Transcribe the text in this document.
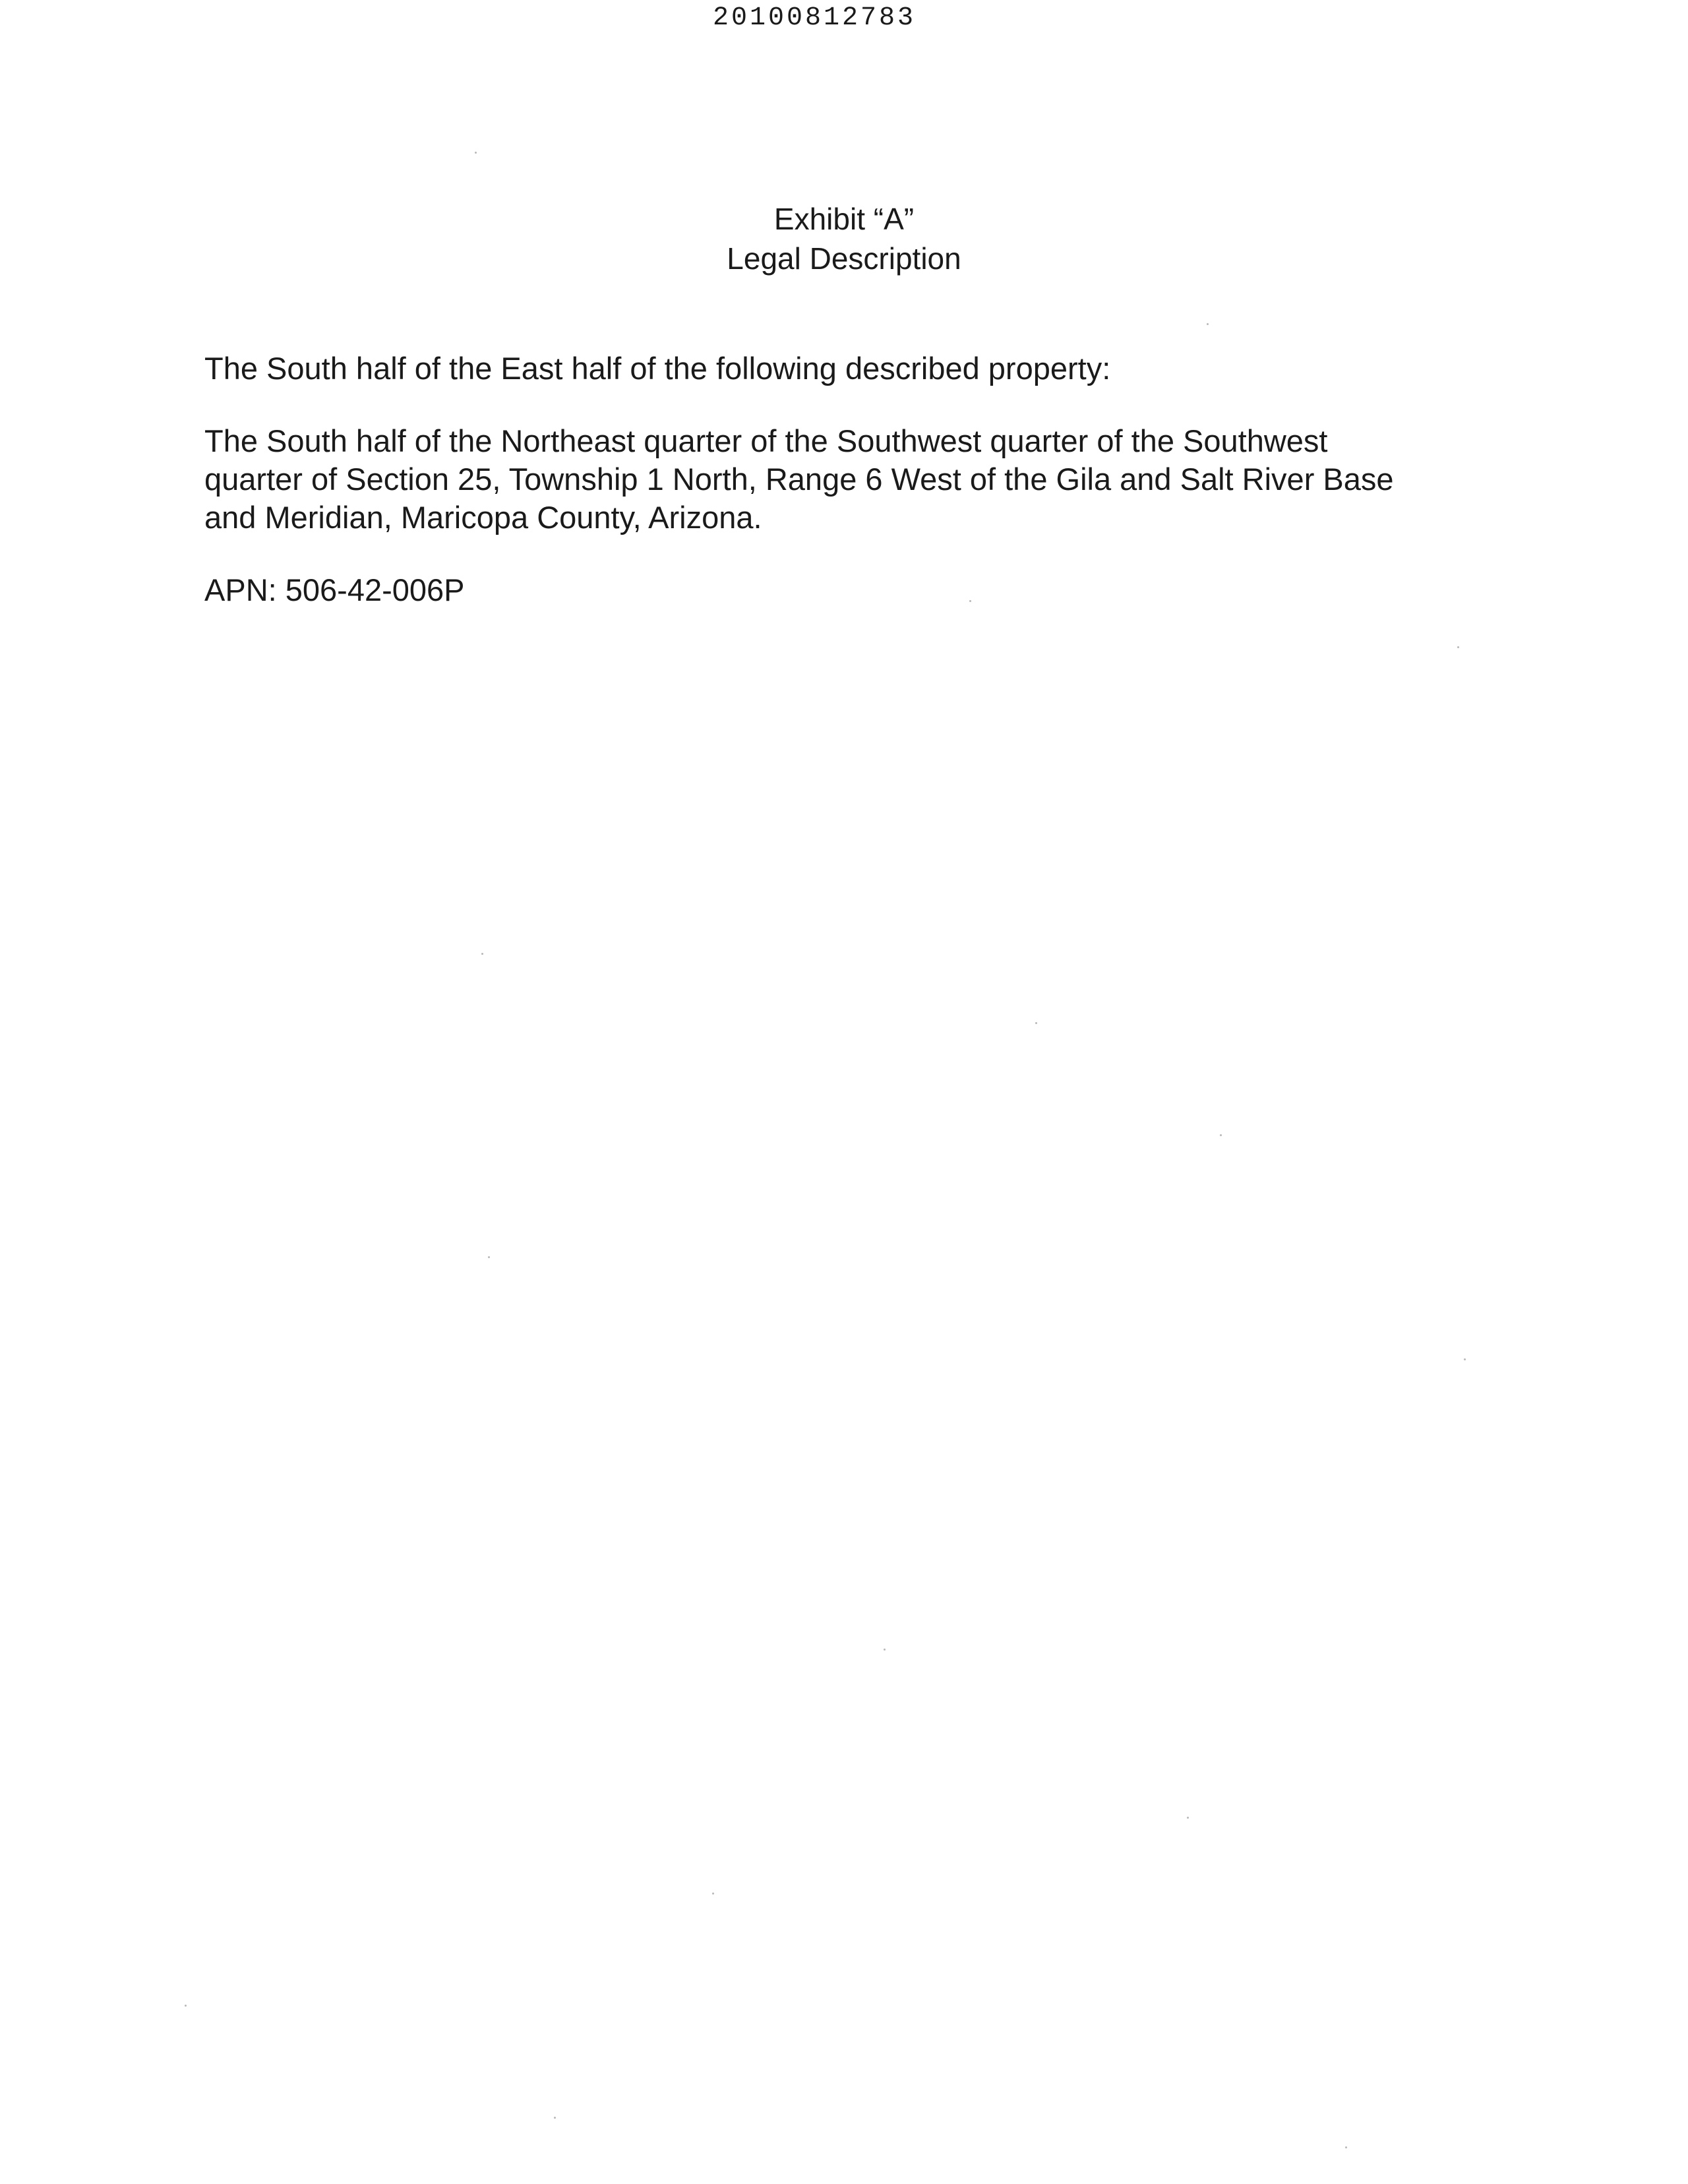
20100812783
Exhibit “A”
Legal Description

The South half of the East half of the following described property:

The South half of the Northeast quarter of the Southwest quarter of the Southwest
quarter of Section 25, Township 1 North, Range 6 West of the Gila and Salt River Base
and Meridian, Maricopa County, Arizona.

APN: 506-42-006P
